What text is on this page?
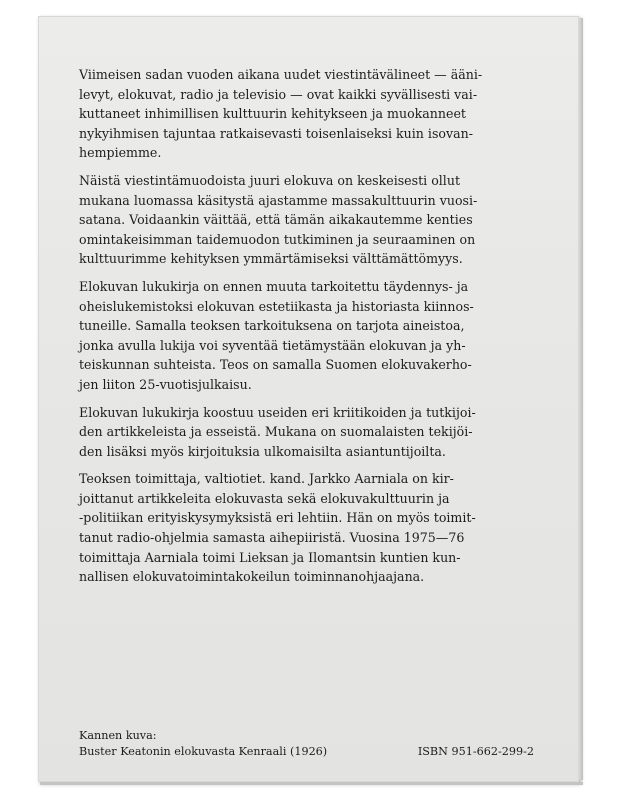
Viimeisen sadan vuoden aikana uudet viestintävälineet — ääni-
levyt, elokuvat, radio ja televisio — ovat kaikki syvällisesti vai-
kuttaneet inhimillisen kulttuurin kehitykseen ja muokanneet
nykyihmisen tajuntaa ratkaisevasti toisenlaiseksi kuin isovan-
hempiemme.

Näistä viestintämuodoista juuri elokuva on keskeisesti ollut
mukana luomassa käsitystä ajastamme massakulttuurin vuosi-
satana. Voidaankin väittää, että tämän aikakautemme kenties
omintakeisimman taidemuodon tutkiminen ja seuraaminen on
kulttuurimme kehityksen ymmärtämiseksi välttämättömyys.

Elokuvan lukukirja on ennen muuta tarkoitettu täydennys- ja
oheislukemistoksi elokuvan estetiikasta ja historiasta kiinnos-
tuneille. Samalla teoksen tarkoituksena on tarjota aineistoa,
jonka avulla lukija voi syventää tietämystään elokuvan ja yh-
teiskunnan suhteista. Teos on samalla Suomen elokuvakerho-
jen liiton 25-vuotisjulkaisu.

Elokuvan lukukirja koostuu useiden eri kriitikoiden ja tutkijoi-
den artikkeleista ja esseistä. Mukana on suomalaisten tekijöi-
den lisäksi myös kirjoituksia ulkomaisilta asiantuntijoilta.

Teoksen toimittaja, valtiotiet. kand. Jarkko Aarniala on kir-
joittanut artikkeleita elokuvasta sekä elokuvakulttuurin ja
-politiikan erityiskysymyksistä eri lehtiin. Hän on myös toimit-
tanut radio-ohjelmia samasta aihepiiristä. Vuosina 1975—76
toimittaja Aarniala toimi Lieksan ja Ilomantsin kuntien kun-
nallisen elokuvatoimintakokeilun toiminnanohjaajana.

Kannen kuva:
Buster Keatonin elokuvasta Kenraali (1926)	ISBN 951-662-299-2
